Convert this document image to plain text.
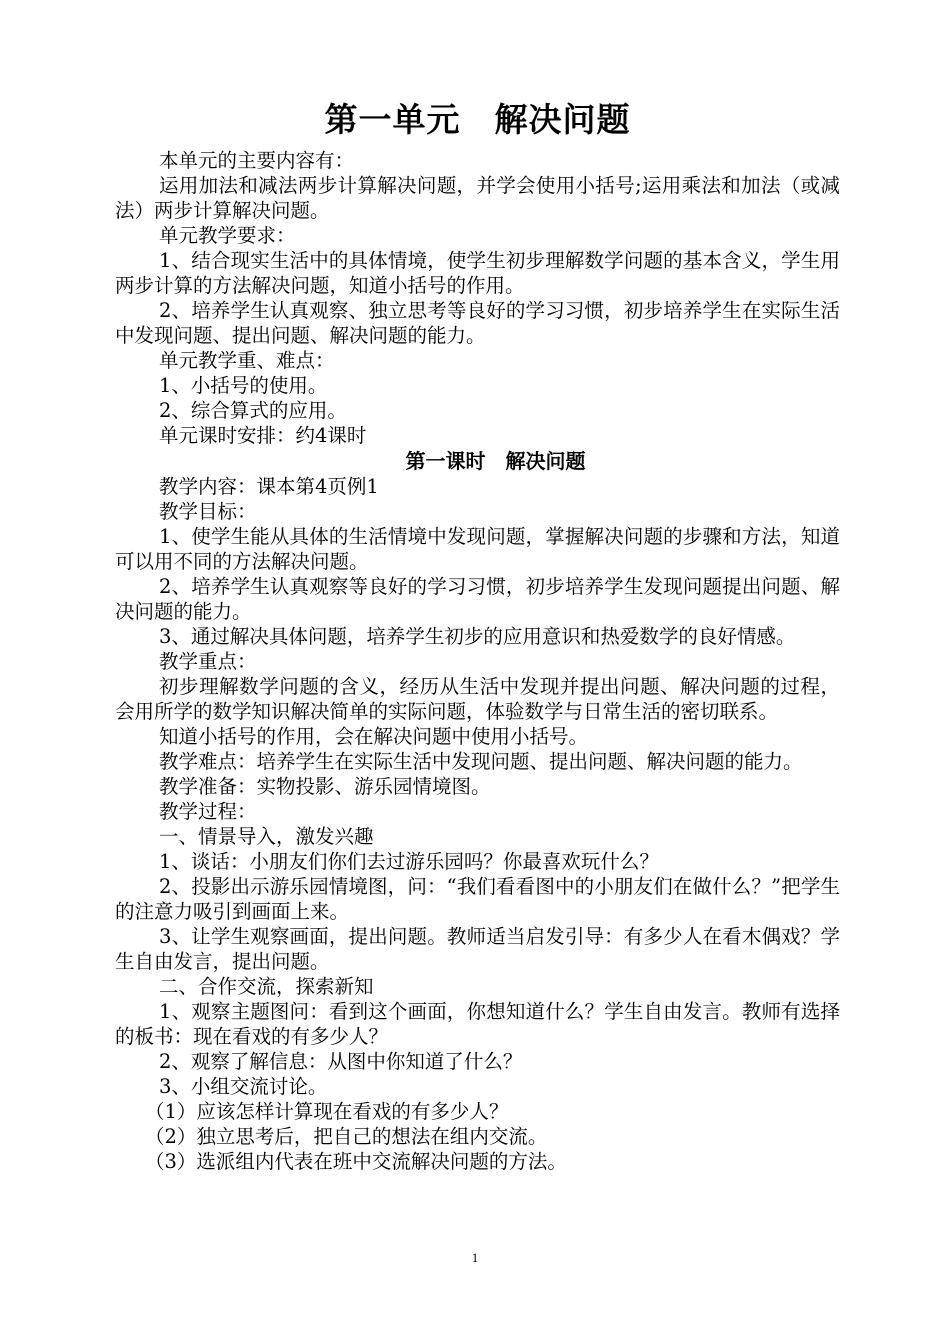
第一单元　解决问题

本单元的主要内容有：

运用加法和减法两步计算解决问题，并学会使用小括号;运用乘法和加法（或减法）两步计算解决问题。

单元教学要求：

1、结合现实生活中的具体情境，使学生初步理解数学问题的基本含义，学生用两步计算的方法解决问题，知道小括号的作用。

2、培养学生认真观察、独立思考等良好的学习习惯，初步培养学生在实际生活中发现问题、提出问题、解决问题的能力。

单元教学重、难点：

1、小括号的使用。

2、综合算式的应用。

单元课时安排：约4课时

第一课时　解决问题

教学内容：课本第4页例1

教学目标：

1、使学生能从具体的生活情境中发现问题，掌握解决问题的步骤和方法，知道可以用不同的方法解决问题。

2、培养学生认真观察等良好的学习习惯，初步培养学生发现问题提出问题、解决问题的能力。

3、通过解决具体问题，培养学生初步的应用意识和热爱数学的良好情感。

教学重点：

初步理解数学问题的含义，经历从生活中发现并提出问题、解决问题的过程，会用所学的数学知识解决简单的实际问题，体验数学与日常生活的密切联系。

知道小括号的作用，会在解决问题中使用小括号。

教学难点：培养学生在实际生活中发现问题、提出问题、解决问题的能力。

教学准备：实物投影、游乐园情境图。

教学过程：

一、情景导入，激发兴趣

1、谈话：小朋友们你们去过游乐园吗？你最喜欢玩什么？

2、投影出示游乐园情境图，问：“我们看看图中的小朋友们在做什么？”把学生的注意力吸引到画面上来。

3、让学生观察画面，提出问题。教师适当启发引导：有多少人在看木偶戏？学生自由发言，提出问题。

二、合作交流，探索新知

1、观察主题图问：看到这个画面，你想知道什么？学生自由发言。教师有选择的板书：现在看戏的有多少人？

2、观察了解信息：从图中你知道了什么？

3、小组交流讨论。

（1）应该怎样计算现在看戏的有多少人？

（2）独立思考后，把自己的想法在组内交流。

（3）选派组内代表在班中交流解决问题的方法。

1
